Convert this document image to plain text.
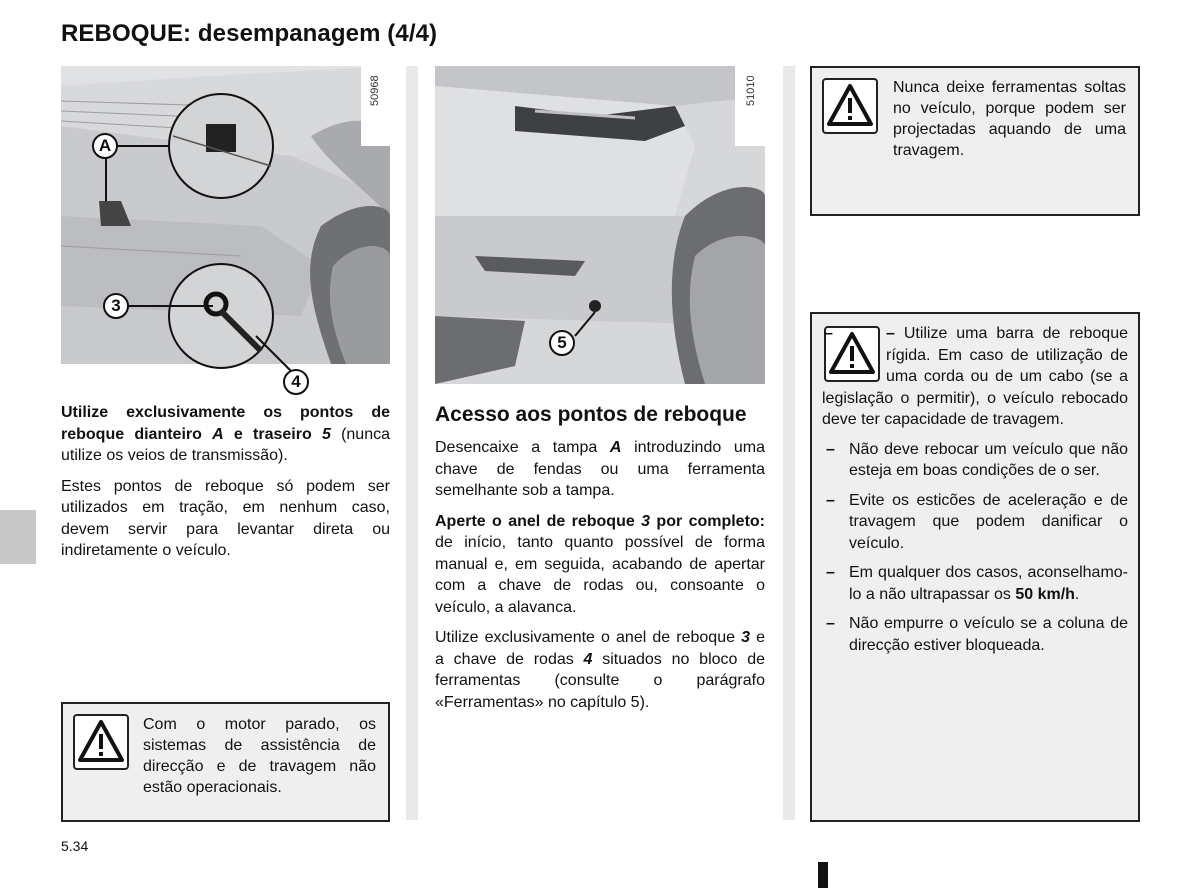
REBOQUE: desempanagem (4/4)
A
3
4
50968
5
51010

Utilize exclusivamente os pontos de reboque dianteiro A e traseiro 5 (nunca utilize os veios de transmissão).

Estes pontos de reboque só podem ser utilizados em tração, em nenhum caso, devem servir para levantar direta ou indiretamente o veículo.

Com o motor parado, os sistemas de assistência de direcção e de travagem não estão operacionais.
Acesso aos pontos de reboque

Desencaixe a tampa A introduzindo uma chave de fendas ou uma ferramenta semelhante sob a tampa.

Aperte o anel de reboque 3 por completo: de início, tanto quanto possível de forma manual e, em seguida, acabando de apertar com a chave de rodas ou, consoante o veículo, a alavanca.

Utilize exclusivamente o anel de reboque 3 e a chave de rodas 4 situados no bloco de ferramentas (consulte o parágrafo «Ferramentas» no capítulo 5).

Nunca deixe ferramentas soltas no veículo, porque podem ser projectadas aquando de uma travagem.
– – Utilize uma barra de reboque rígida. Em caso de utilização de uma corda ou de um cabo (se a legislação o permitir), o veículo rebocado deve ter capacidade de travagem.
– Não deve rebocar um veículo que não esteja em boas condições de o ser.
– Evite os esticões de aceleração e de travagem que podem danificar o veículo.
– Em qualquer dos casos, aconselhamo-lo a não ultrapassar os 50 km/h.
– Não empurre o veículo se a coluna de direcção estiver bloqueada.
5.34
